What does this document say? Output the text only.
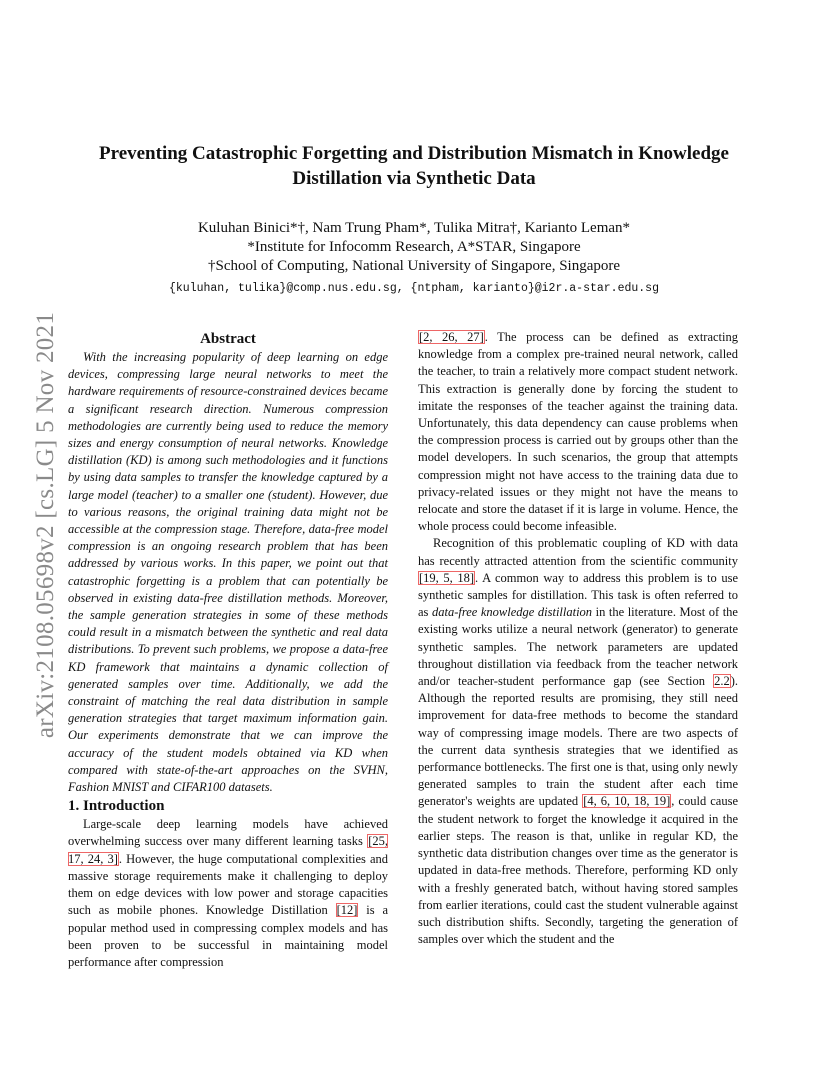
arXiv:2108.05698v2 [cs.LG] 5 Nov 2021
Preventing Catastrophic Forgetting and Distribution Mismatch in Knowledge Distillation via Synthetic Data
Kuluhan Binici*†, Nam Trung Pham*, Tulika Mitra†, Karianto Leman*
*Institute for Infocomm Research, A*STAR, Singapore
†School of Computing, National University of Singapore, Singapore
{kuluhan, tulika}@comp.nus.edu.sg, {ntpham, karianto}@i2r.a-star.edu.sg

Abstract

With the increasing popularity of deep learning on edge devices, compressing large neural networks to meet the hardware requirements of resource-constrained devices became a significant research direction. Numerous compression methodologies are currently being used to reduce the memory sizes and energy consumption of neural networks. Knowledge distillation (KD) is among such methodologies and it functions by using data samples to transfer the knowledge captured by a large model (teacher) to a smaller one (student). However, due to various reasons, the original training data might not be accessible at the compression stage. Therefore, data-free model compression is an ongoing research problem that has been addressed by various works. In this paper, we point out that catastrophic forgetting is a problem that can potentially be observed in existing data-free distillation methods. Moreover, the sample generation strategies in some of these methods could result in a mismatch between the synthetic and real data distributions. To prevent such problems, we propose a data-free KD framework that maintains a dynamic collection of generated samples over time. Additionally, we add the constraint of matching the real data distribution in sample generation strategies that target maximum information gain. Our experiments demonstrate that we can improve the accuracy of the student models obtained via KD when compared with state-of-the-art approaches on the SVHN, Fashion MNIST and CIFAR100 datasets.

1. Introduction

Large-scale deep learning models have achieved overwhelming success over many different learning tasks [25, 17, 24, 3]. However, the huge computational complexities and massive storage requirements make it challenging to deploy them on edge devices with low power and storage capacities such as mobile phones. Knowledge Distillation [12] is a popular method used in compressing complex models and has been proven to be successful in maintaining model performance after compression

[2, 26, 27]. The process can be defined as extracting knowledge from a complex pre-trained neural network, called the teacher, to train a relatively more compact student network. This extraction is generally done by forcing the student to imitate the responses of the teacher against the training data. Unfortunately, this data dependency can cause problems when the compression process is carried out by groups other than the model developers. In such scenarios, the group that attempts compression might not have access to the training data due to privacy-related issues or they might not have the means to relocate and store the dataset if it is large in volume. Hence, the whole process could become infeasible.

Recognition of this problematic coupling of KD with data has recently attracted attention from the scientific community [19, 5, 18]. A common way to address this problem is to use synthetic samples for distillation. This task is often referred to as data-free knowledge distillation in the literature. Most of the existing works utilize a neural network (generator) to generate synthetic samples. The network parameters are updated throughout distillation via feedback from the teacher network and/or teacher-student performance gap (see Section 2.2). Although the reported results are promising, they still need improvement for data-free methods to become the standard way of compressing image models. There are two aspects of the current data synthesis strategies that we identified as performance bottlenecks. The first one is that, using only newly generated samples to train the student after each time generator's weights are updated [4, 6, 10, 18, 19], could cause the student network to forget the knowledge it acquired in the earlier steps. The reason is that, unlike in regular KD, the synthetic data distribution changes over time as the generator is updated in data-free methods. Therefore, performing KD only with a freshly generated batch, without having stored samples from earlier iterations, could cast the student vulnerable against such distribution shifts. Secondly, targeting the generation of samples over which the student and the
